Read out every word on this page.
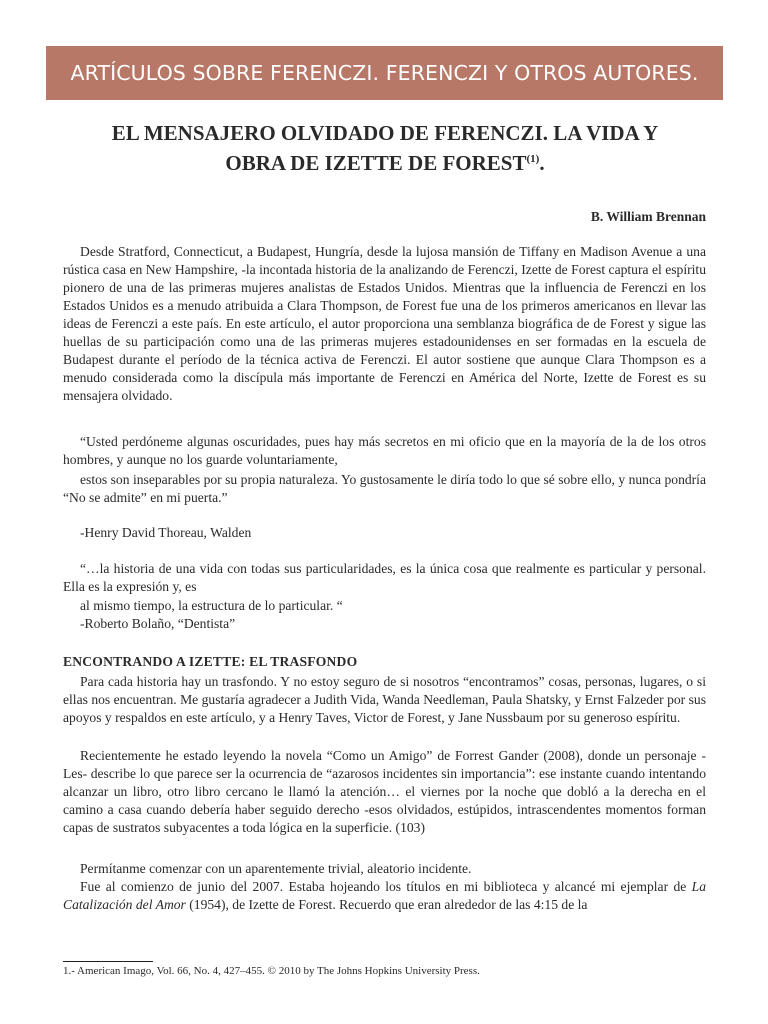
ARTÍCULOS SOBRE FERENCZI. FERENCZI Y OTROS AUTORES.
EL MENSAJERO OLVIDADO DE FERENCZI. LA VIDA Y
OBRA DE IZETTE DE FOREST$^{(1)}$.

B. William Brennan

Desde Stratford, Connecticut, a Budapest, Hungría, desde la lujosa mansión de Tiffany en Madison Avenue a una rústica casa en New Hampshire, -la incontada historia de la analizando de Ferenczi, Izette de Forest captura el espíritu pionero de una de las primeras mujeres analistas de Estados Unidos. Mientras que la influencia de Ferenczi en los Estados Unidos es a menudo atribuida a Clara Thompson, de Forest fue una de los primeros americanos en llevar las ideas de Ferenczi a este país. En este artículo, el autor proporciona una semblanza biográfica de de Forest y sigue las huellas de su participación como una de las primeras mujeres estadounidenses en ser formadas en la escuela de Budapest durante el período de la técnica activa de Ferenczi. El autor sostiene que aunque Clara Thompson es a menudo considerada como la discípula más importante de Ferenczi en América del Norte, Izette de Forest es su mensajera olvidado.

“Usted perdóneme algunas oscuridades, pues hay más secretos en mi oficio que en la mayoría de la de los otros hombres, y aunque no los guarde voluntariamente,

estos son inseparables por su propia naturaleza. Yo gustosamente le diría todo lo que sé sobre ello, y nunca pondría “No se admite” en mi puerta.”

-Henry David Thoreau, Walden

“…la historia de una vida con todas sus particularidades, es la única cosa que realmente es particular y personal. Ella es la expresión y, es

al mismo tiempo, la estructura de lo particular. “

-Roberto Bolaño, “Dentista”

ENCONTRANDO A IZETTE: EL TRASFONDO

Para cada historia hay un trasfondo. Y no estoy seguro de si nosotros “encontramos” cosas, personas, lugares, o si ellas nos encuentran. Me gustaría agradecer a Judith Vida, Wanda Needleman, Paula Shatsky, y Ernst Falzeder por sus apoyos y respaldos en este artículo, y a Henry Taves, Victor de Forest, y Jane Nussbaum por su generoso espíritu.

Recientemente he estado leyendo la novela “Como un Amigo” de Forrest Gander (2008), donde un personaje -Les- describe lo que parece ser la ocurrencia de “azarosos incidentes sin importancia”: ese instante cuando intentando alcanzar un libro, otro libro cercano le llamó la atención… el viernes por la noche que dobló a la derecha en el camino a casa cuando debería haber seguido derecho -esos olvidados, estúpidos, intrascendentes momentos forman capas de sustratos subyacentes a toda lógica en la superficie. (103)

Permítanme comenzar con un aparentemente trivial, aleatorio incidente.

Fue al comienzo de junio del 2007. Estaba hojeando los títulos en mi biblioteca y alcancé mi ejemplar de La Catalización del Amor (1954), de Izette de Forest. Recuerdo que eran alrededor de las 4:15 de la

1.- American Imago, Vol. 66, No. 4, 427–455. © 2010 by The Johns Hopkins University Press.
